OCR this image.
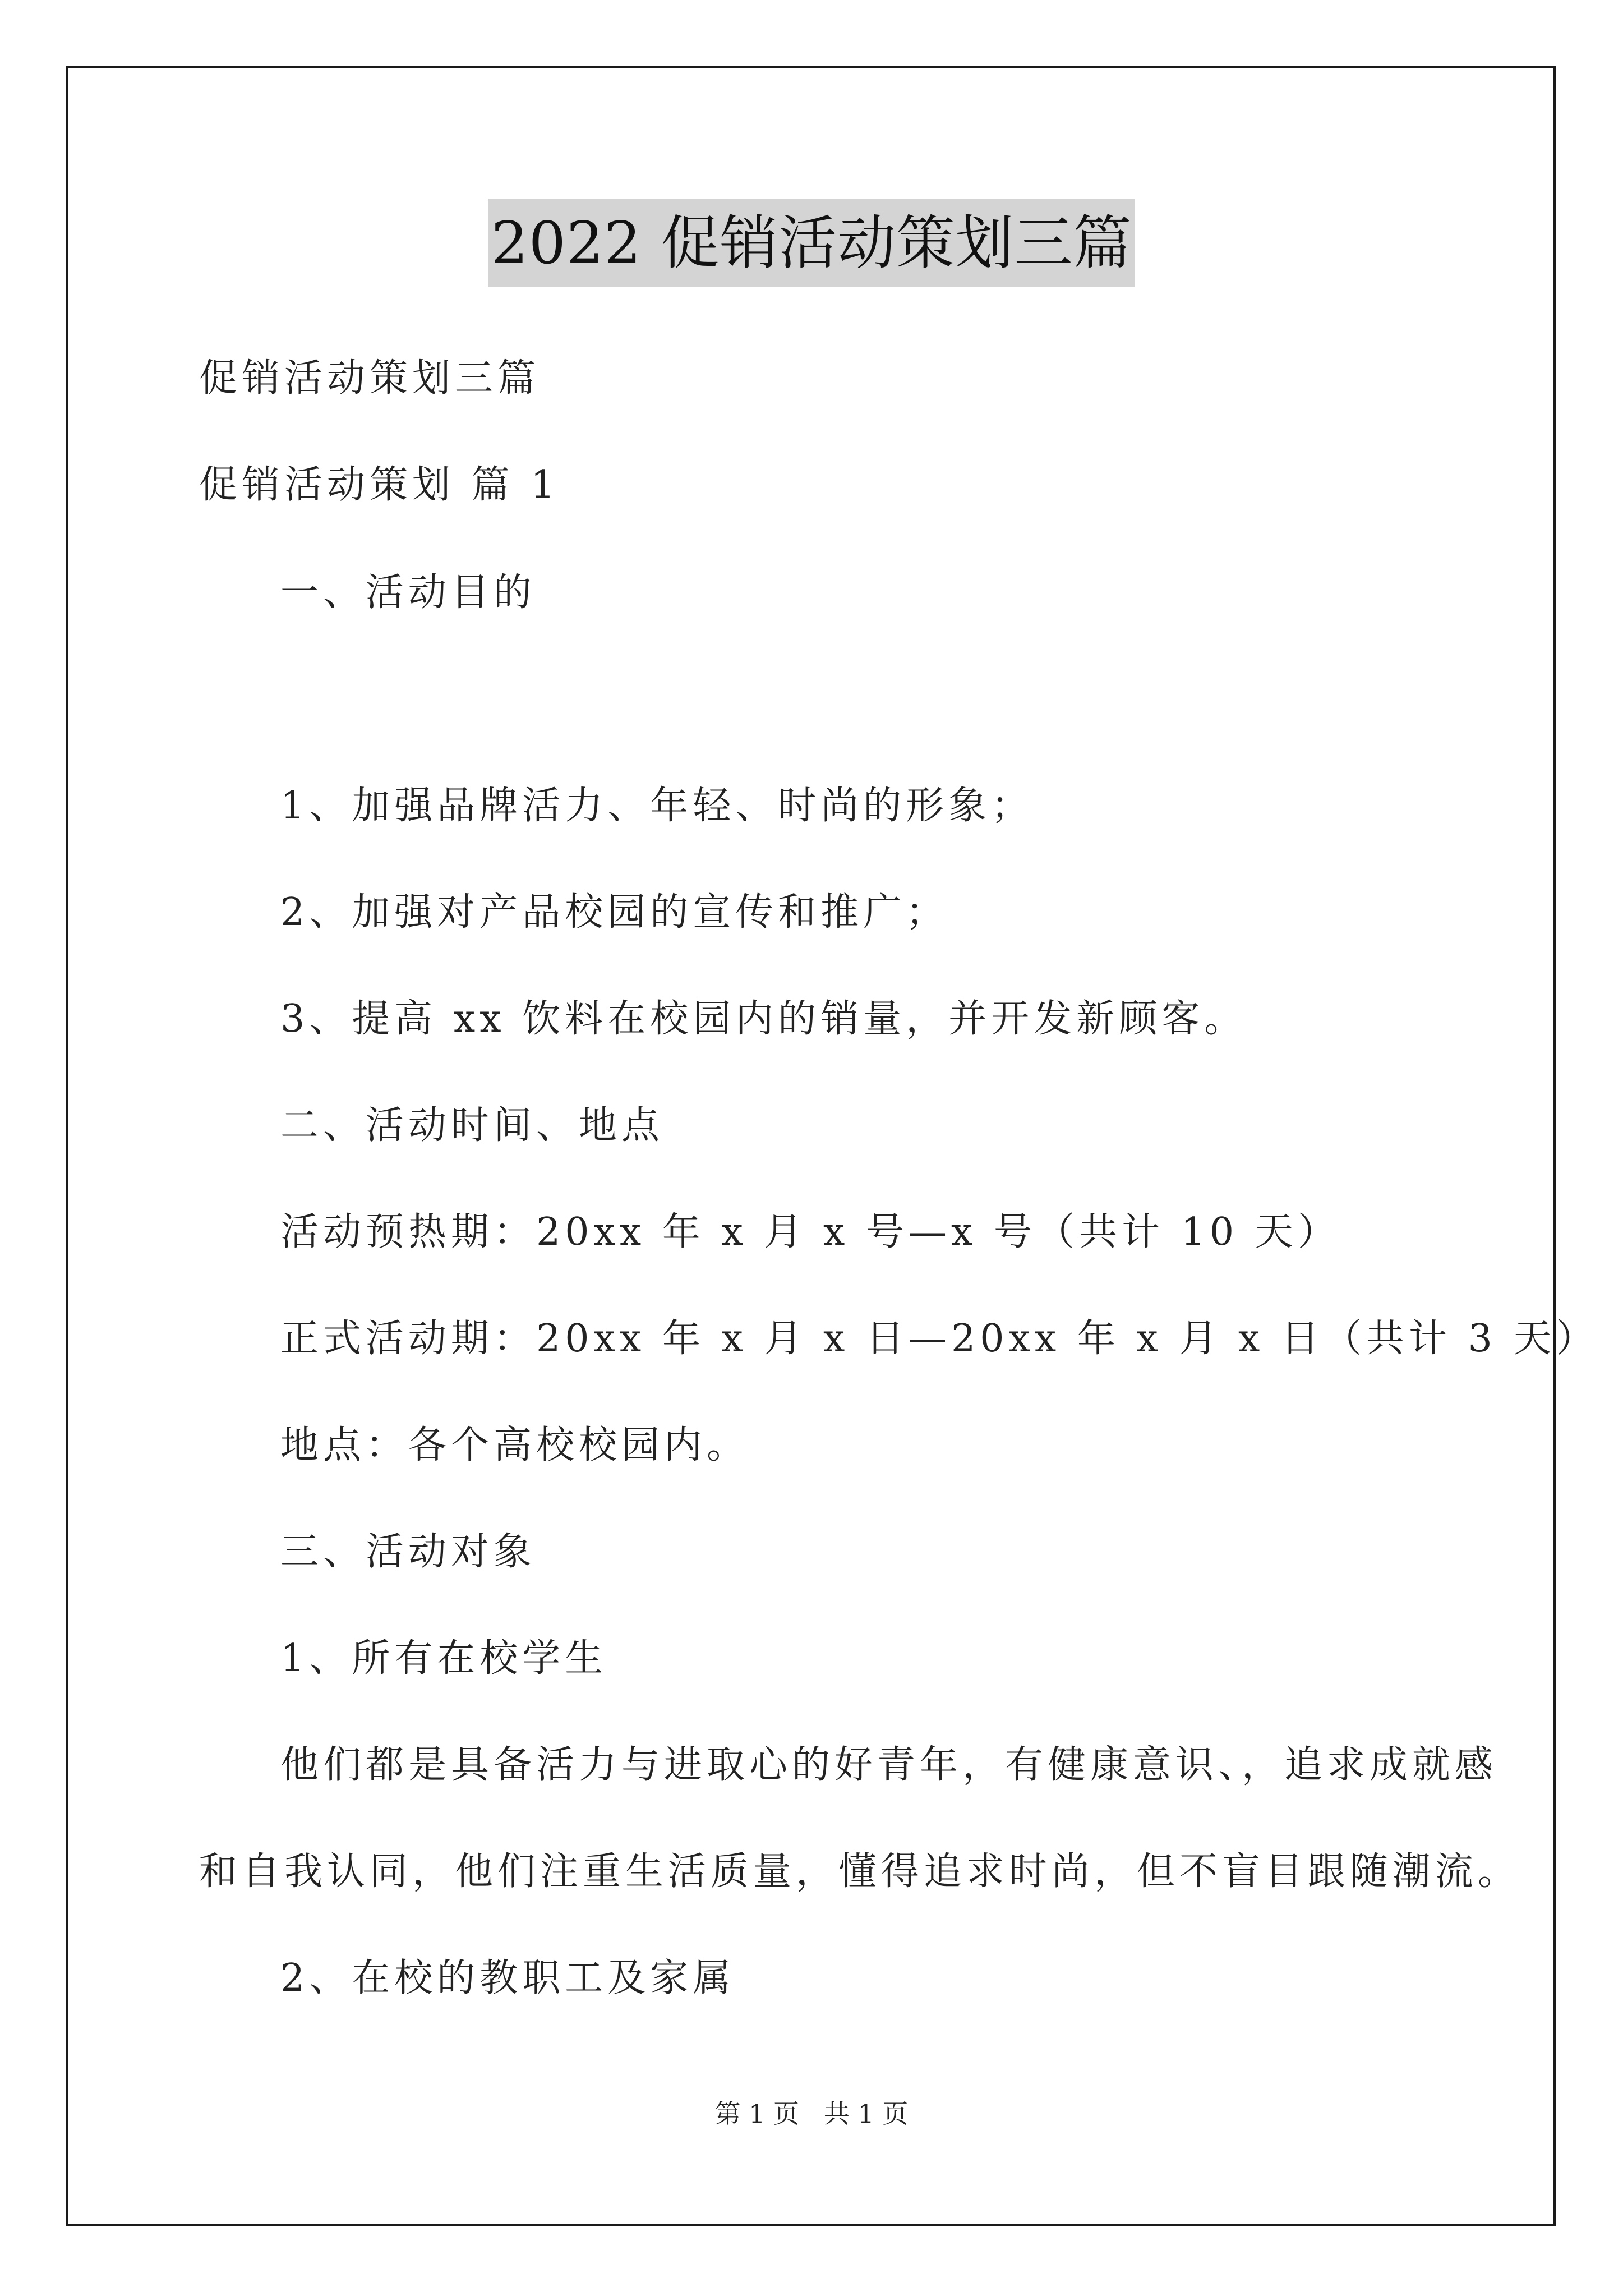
2022 促销活动策划三篇
促销活动策划三篇
促销活动策划 篇 1
一、活动目的
1、加强品牌活力、年轻、时尚的形象；
2、加强对产品校园的宣传和推广；
3、提高 xx 饮料在校园内的销量，并开发新顾客。
二、活动时间、地点
活动预热期：20xx 年 x 月 x 号—x 号（共计 10 天）
正式活动期：20xx 年 x 月 x 日—20xx 年 x 月 x 日（共计 3 天）
地点：各个高校校园内。
三、活动对象
1、所有在校学生
他们都是具备活力与进取心的好青年，有健康意识、，追求成就感
和自我认同，他们注重生活质量，懂得追求时尚，但不盲目跟随潮流。
2、在校的教职工及家属
第 1 页   共 1 页
